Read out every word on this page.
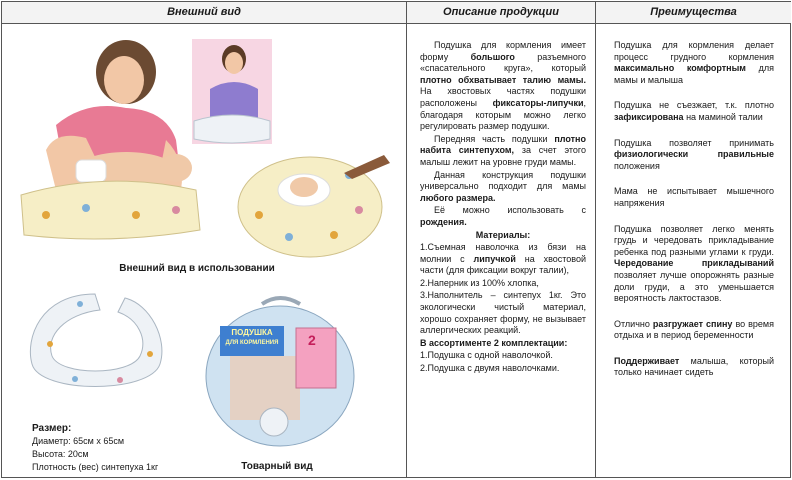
Внешний вид	Описание продукции	Преимущества
Внешний вид в использовании
ПОДУШКА
ДЛЯ КОРМЛЕНИЯ 2
Размер:
Диаметр: 65см х 65см
Высота: 20см
Плотность (вес) синтепуха 1кг	Товарный вид

Подушка для кормления имеет форму большого разъемного «спасательного круга», который плотно обхватывает талию мамы. На хвостовых частях подушки расположены фиксаторы-липучки, благодаря которым можно легко регулировать размер подушки.

Передняя часть подушки плотно набита синтепухом, за счет этого малыш лежит на уровне груди мамы.

Данная конструкция подушки универсально подходит для мамы любого размера.

Её можно использовать с рождения.

Материалы:

1.Съемная наволочка из бязи на молнии с липучкой на хвостовой части (для фиксации вокруг талии),

2.Наперник из 100% хлопка,

3.Наполнитель – синтепух 1кг. Это экологически чистый материал, хорошо сохраняет форму, не вызывает аллергических реакций.

В ассортименте 2 комплектации:

1.Подушка с одной наволочкой.

2.Подушка с двумя наволочками.

Подушка для кормления делает процесс грудного кормления максимально комфортным для мамы и малыша

Подушка не съезжает, т.к. плотно зафиксирована на маминой талии

Подушка позволяет принимать физиологически правильные положения

Мама не испытывает мышечного напряжения

Подушка позволяет легко менять грудь и чередовать прикладывание ребенка под разными углами к груди. Чередование прикладываний позволяет лучше опорожнять разные доли груди, а это уменьшается вероятность лактостазов.

Отлично разгружает спину во время отдыха и в период беременности

Поддерживает малыша, который только начинает сидеть
